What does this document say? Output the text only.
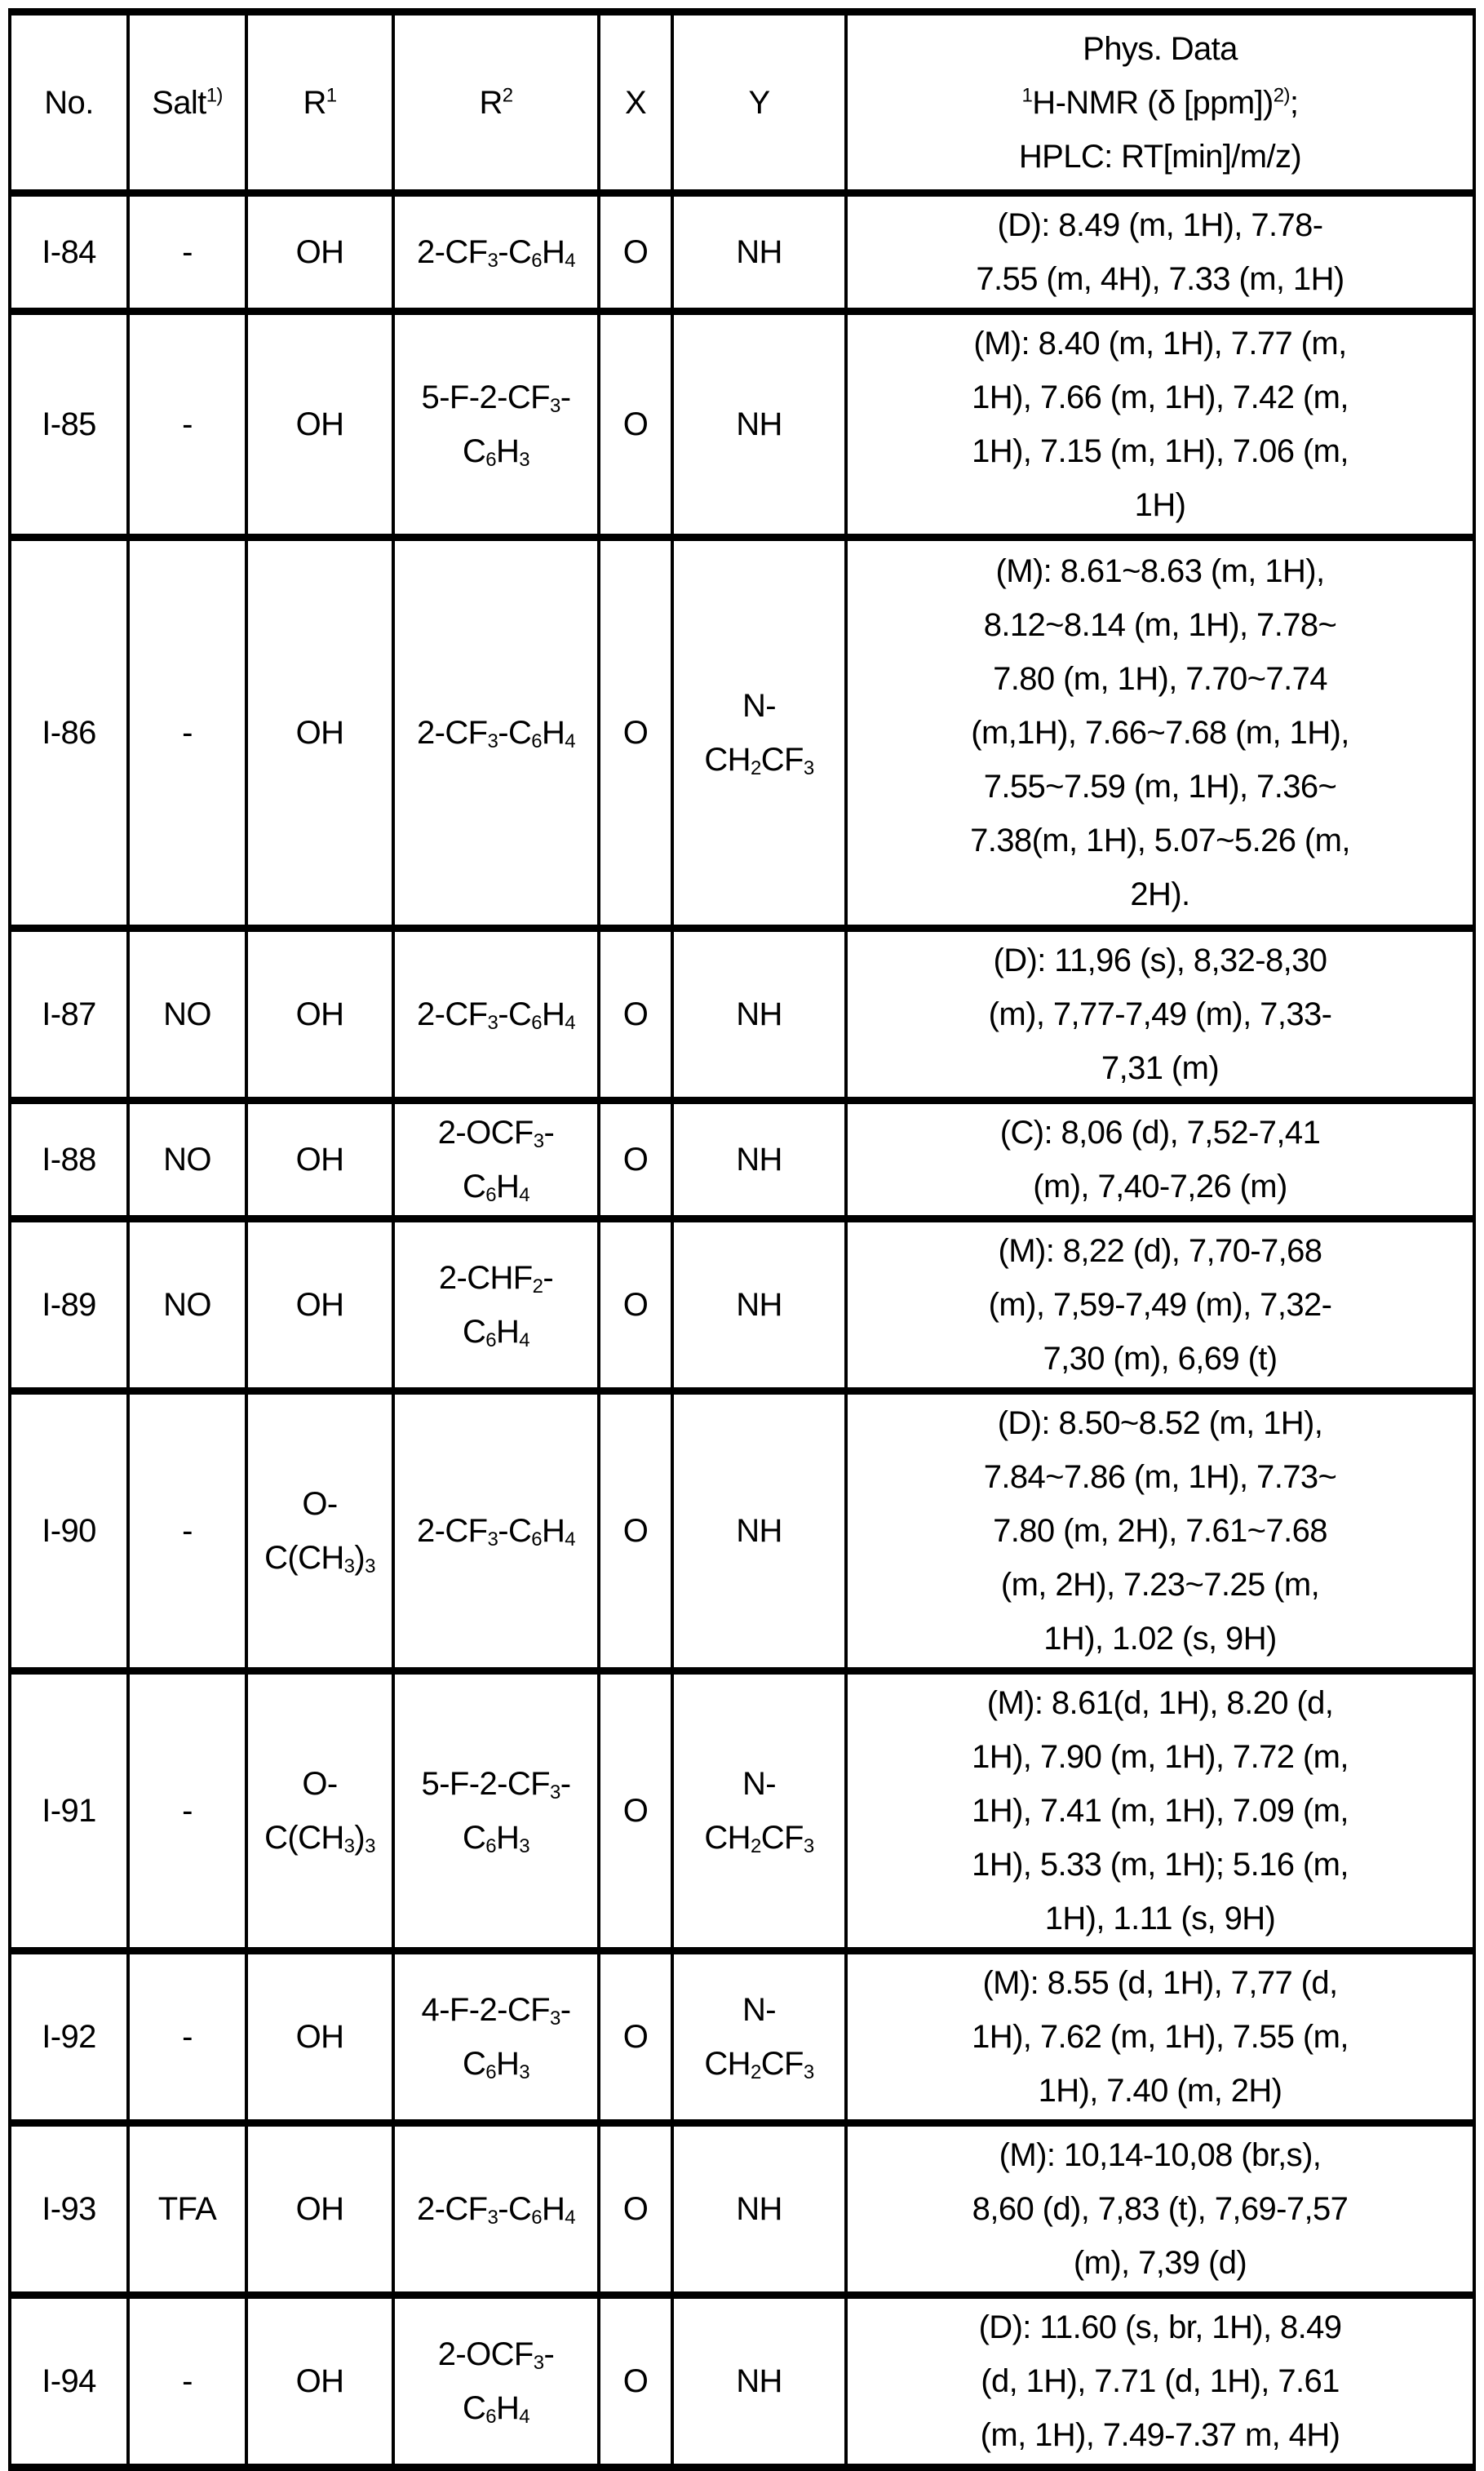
No.	Salt$^{1)}$	$R^1$	$R^2$	X	Y	Phys. Data
$^1$H-NMR (δ [ppm])$^{2)}$;
HPLC: RT[min]/m/z)
I-84	-	OH	$2-CF_3-C_6H_4$	O	NH	(D): 8.49 (m, 1H), 7.78-
7.55 (m, 4H), 7.33 (m, 1H)
I-85	-	OH	$5-F-2-CF_3-$
$C_6H_3$	O	NH	(M): 8.40 (m, 1H), 7.77 (m,
1H), 7.66 (m, 1H), 7.42 (m,
1H), 7.15 (m, 1H), 7.06 (m,
1H)
I-86	-	OH	$2-CF_3-C_6H_4$	O	N-
$CH_2CF_3$	(M): 8.61~8.63 (m, 1H),
8.12~8.14 (m, 1H), 7.78~
7.80 (m, 1H), 7.70~7.74
(m,1H), 7.66~7.68 (m, 1H),
7.55~7.59 (m, 1H), 7.36~
7.38(m, 1H), 5.07~5.26 (m,
2H).
I-87	NO	OH	$2-CF_3-C_6H_4$	O	NH	(D): 11,96 (s), 8,32-8,30
(m), 7,77-7,49 (m), 7,33-
7,31 (m)
I-88	NO	OH	$2-OCF_3-$
$C_6H_4$	O	NH	(C): 8,06 (d), 7,52-7,41
(m), 7,40-7,26 (m)
I-89	NO	OH	$2-CHF_2-$
$C_6H_4$	O	NH	(M): 8,22 (d), 7,70-7,68
(m), 7,59-7,49 (m), 7,32-
7,30 (m), 6,69 (t)
I-90	-	O-
$C(CH_3)_3$	$2-CF_3-C_6H_4$	O	NH	(D): 8.50~8.52 (m, 1H),
7.84~7.86 (m, 1H), 7.73~
7.80 (m, 2H), 7.61~7.68
(m, 2H), 7.23~7.25 (m,
1H), 1.02 (s, 9H)
I-91	-	O-
$C(CH_3)_3$	$5-F-2-CF_3-$
$C_6H_3$	O	N-
$CH_2CF_3$	(M): 8.61(d, 1H), 8.20 (d,
1H), 7.90 (m, 1H), 7.72 (m,
1H), 7.41 (m, 1H), 7.09 (m,
1H), 5.33 (m, 1H); 5.16 (m,
1H), 1.11 (s, 9H)
I-92	-	OH	$4-F-2-CF_3-$
$C_6H_3$	O	N-
$CH_2CF_3$	(M): 8.55 (d, 1H), 7,77 (d,
1H), 7.62 (m, 1H), 7.55 (m,
1H), 7.40 (m, 2H)
I-93	TFA	OH	$2-CF_3-C_6H_4$	O	NH	(M): 10,14-10,08 (br,s),
8,60 (d), 7,83 (t), 7,69-7,57
(m), 7,39 (d)
I-94	-	OH	$2-OCF_3-$
$C_6H_4$	O	NH	(D): 11.60 (s, br, 1H), 8.49
(d, 1H), 7.71 (d, 1H), 7.61
(m, 1H), 7.49-7.37 m, 4H)
